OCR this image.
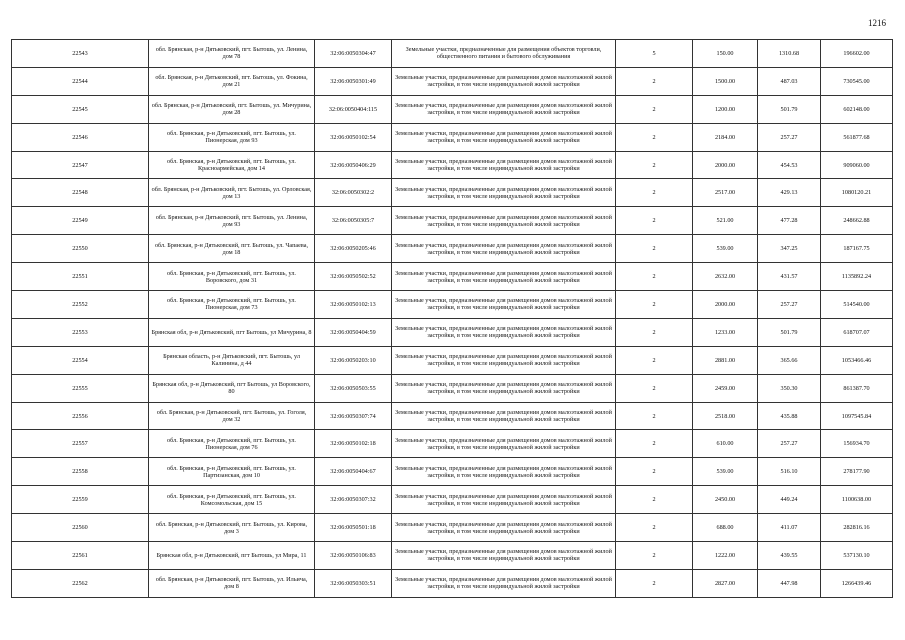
1216
22543	обл. Брянская, р-н Дятьковский, пгт. Бытошь, ул. Ленина, дом 78	32:06:0050304:47	Земельные участки, предназначенные для размещения объектов торговли, общественного питания и бытового обслуживания	5	150.00	1310.68	196602.00
22544	обл. Брянская, р-н Дятьковский, пгт. Бытошь, ул. Фокина, дом 21	32:06:0050301:49	Земельные участки, предназначенные для размещения домов малоэтажной жилой застройки, в том числе индивидуальной жилой застройки	2	1500.00	487.03	730545.00
22545	обл. Брянская, р-н Дятьковский, пгт. Бытошь, ул. Мичурина, дом 28	32:06:0050404:115	Земельные участки, предназначенные для размещения домов малоэтажной жилой застройки, в том числе индивидуальной жилой застройки	2	1200.00	501.79	602148.00
22546	обл. Брянская, р-н Дятьковский, пгт. Бытошь, ул. Пионерская, дом 93	32:06:0050102:54	Земельные участки, предназначенные для размещения домов малоэтажной жилой застройки, в том числе индивидуальной жилой застройки	2	2184.00	257.27	561877.68
22547	обл. Брянская, р-н Дятьковский, пгт. Бытошь, ул. Красноармейская, дом 14	32:06:0050406:29	Земельные участки, предназначенные для размещения домов малоэтажной жилой застройки, в том числе индивидуальной жилой застройки	2	2000.00	454.53	909060.00
22548	обл. Брянская, р-н Дятьковский, пгт. Бытошь, ул. Орловская, дом 13	32:06:0050302:2	Земельные участки, предназначенные для размещения домов малоэтажной жилой застройки, в том числе индивидуальной жилой застройки	2	2517.00	429.13	1080120.21
22549	обл. Брянская, р-н Дятьковский, пгт. Бытошь, ул. Ленина, дом 93	32:06:0050305:7	Земельные участки, предназначенные для размещения домов малоэтажной жилой застройки, в том числе индивидуальной жилой застройки	2	521.00	477.28	248662.88
22550	обл. Брянская, р-н Дятьковский, пгт. Бытошь, ул. Чапаева, дом 18	32:06:0050205:46	Земельные участки, предназначенные для размещения домов малоэтажной жилой застройки, в том числе индивидуальной жилой застройки	2	539.00	347.25	187167.75
22551	обл. Брянская, р-н Дятьковский, пгт. Бытошь, ул. Воровского, дом 31	32:06:0050502:52	Земельные участки, предназначенные для размещения домов малоэтажной жилой застройки, в том числе индивидуальной жилой застройки	2	2632.00	431.57	1135892.24
22552	обл. Брянская, р-н Дятьковский, пгт. Бытошь, ул. Пионерская, дом 73	32:06:0050102:13	Земельные участки, предназначенные для размещения домов малоэтажной жилой застройки, в том числе индивидуальной жилой застройки	2	2000.00	257.27	514540.00
22553	Брянская обл, р-н Дятьковский, пгт Бытошь, ул Мичурина, 8	32:06:0050404:59	Земельные участки, предназначенные для размещения домов малоэтажной жилой застройки, в том числе индивидуальной жилой застройки	2	1233.00	501.79	618707.07
22554	Брянская область, р-н Дятьковский, пгт. Бытошь, ул Калинина, д 44	32:06:0050203:10	Земельные участки, предназначенные для размещения домов малоэтажной жилой застройки, в том числе индивидуальной жилой застройки	2	2881.00	365.66	1053466.46
22555	Брянская обл, р-н Дятьковский, пгт Бытошь, ул Воровского, 80	32:06:0050503:55	Земельные участки, предназначенные для размещения домов малоэтажной жилой застройки, в том числе индивидуальной жилой застройки	2	2459.00	350.30	861387.70
22556	обл. Брянская, р-н Дятьковский, пгт. Бытошь, ул. Гоголя, дом 32	32:06:0050307:74	Земельные участки, предназначенные для размещения домов малоэтажной жилой застройки, в том числе индивидуальной жилой застройки	2	2518.00	435.88	1097545.84
22557	обл. Брянская, р-н Дятьковский, пгт. Бытошь, ул. Пионерская, дом 76	32:06:0050102:18	Земельные участки, предназначенные для размещения домов малоэтажной жилой застройки, в том числе индивидуальной жилой застройки	2	610.00	257.27	156934.70
22558	обл. Брянская, р-н Дятьковский, пгт. Бытошь, ул. Партизанская, дом 10	32:06:0050404:67	Земельные участки, предназначенные для размещения домов малоэтажной жилой застройки, в том числе индивидуальной жилой застройки	2	539.00	516.10	278177.90
22559	обл. Брянская, р-н Дятьковский, пгт. Бытошь, ул. Комсомольская, дом 15	32:06:0050307:32	Земельные участки, предназначенные для размещения домов малоэтажной жилой застройки, в том числе индивидуальной жилой застройки	2	2450.00	449.24	1100638.00
22560	обл. Брянская, р-н Дятьковский, пгт. Бытошь, ул. Кирова, дом 3	32:06:0050501:18	Земельные участки, предназначенные для размещения домов малоэтажной жилой застройки, в том числе индивидуальной жилой застройки	2	688.00	411.07	282816.16
22561	Брянская обл, р-н Дятьковский, пгт Бытошь, ул Мира, 11	32:06:0050106:83	Земельные участки, предназначенные для размещения домов малоэтажной жилой застройки, в том числе индивидуальной жилой застройки	2	1222.00	439.55	537130.10
22562	обл. Брянская, р-н Дятьковский, пгт. Бытошь, ул. Ильича, дом 8	32:06:0050303:51	Земельные участки, предназначенные для размещения домов малоэтажной жилой застройки, в том числе индивидуальной жилой застройки	2	2827.00	447.98	1266439.46
